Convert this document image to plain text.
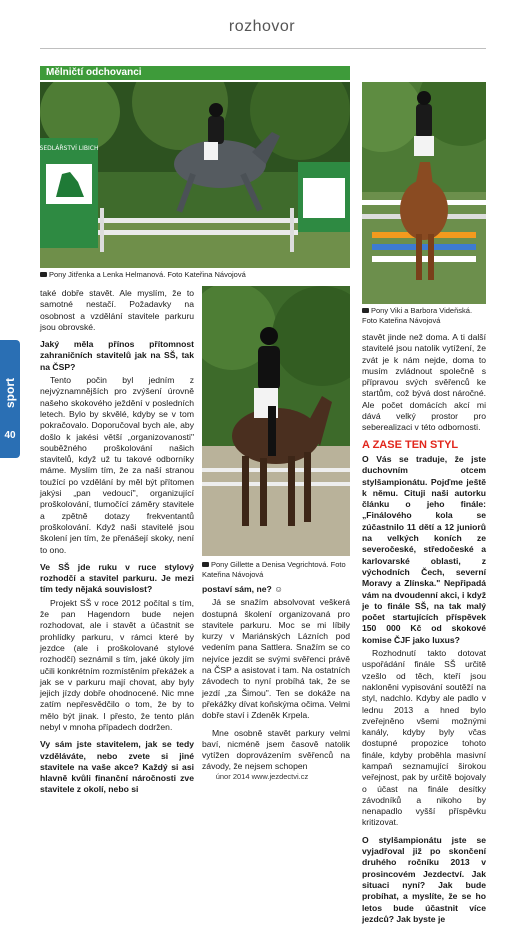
rozhovor
Mělničtí odchovanci
SEDLÁŘSTVÍ LIBICH
Pony Jitřenka a Lenka Helmanová. Foto Kateřina Návojová
Pony Viki a Barbora Videňská. Foto Kateřina Návojová
Pony Gillette a Denisa Vegrichtová. Foto Kateřina Návojová
sport
40

také dobře stavět. Ale myslím, že to samotné nestačí. Požadavky na osobnost a vzdělání stavitele parkuru jsou obrovské.

Jaký měla přínos přítomnost zahraničních stavitelů jak na SŠ, tak na ČSP?

Tento počin byl jedním z nejvýznamnějších pro zvýšení úrovně našeho skokového ježdění v posledních letech. Bylo by skvělé, kdyby se v tom pokračovalo. Doporučoval bych ale, aby došlo k jakési větší „organizovanosti" souběžného proškolování našich stavitelů, když už tu takové odborníky máme. Myslím tím, že za naší stranou toužící po vzdělání by měl být přítomen jakýsi „pan vedoucí", organizující proškolování, tlumočící záměry stavitele a zpětně dotazy frekventantů proškolování. Když naši stavitelé jsou školení jen tím, že přenášejí skoky, není to ono.

Ve SŠ jde ruku v ruce stylový rozhodčí a stavitel parkuru. Je mezi tím tedy nějaká souvislost?

Projekt SŠ v roce 2012 počítal s tím, že pan Hagendorn bude nejen rozhodovat, ale i stavět a účastnit se prohlídky parkuru, v rámci které by jezdce (ale i proškolované stylové rozhodčí) seznámil s tím, jaké úkoly jím učili konkrétním rozmístěním překážek a jak se v parkuru mají chovat, aby byly jejich jízdy dobře ohodnocené. Nic mne zatím nepřesvědčilo o tom, že by to mělo být jinak. I přesto, že tento plán nebyl v mnoha případech dodržen.

Vy sám jste stavitelem, jak se tedy vzděláváte, nebo zvete si jiné stavitele na vaše akce? Každý si asi hlavně kvůli finanční náročnosti zve stavitele z okolí, nebo si

postaví sám, ne? ☺

Já se snažím absolvovat veškerá dostupná školení organizovaná pro stavitele parkuru. Moc se mi líbily kurzy v Mariánských Lázních pod vedením pana Sattlera. Snažím se co nejvíce jezdit se svými svěřenci právě na ČSP a asistovat i tam. Na ostatních závodech to nyní probíhá tak, že se jezdí „za Šimou". Ten se dokáže na překážky dívat koňskýma očima. Velmi dobře staví i Zdeněk Krpela.

Mne osobně stavět parkury velmi baví, nicméně jsem časově natolik vytížen doprovázením svěřenců na závody, že nejsem schopen

stavět jinde než doma. A ti další stavitelé jsou natolik vytížení, že zvát je k nám nejde, doma to musím zvládnout společně s přípravou svých svěřenců ke startům, což bývá dost náročné. Ale počet domácích akcí mi dává velký prostor pro seberealizaci v této odbornosti.

A ZASE TEN STYL

O Vás se traduje, že jste duchovním otcem stylšampionátu. Pojďme ještě k němu. Cituji naši autorku článku o jeho finále: „Finálového kola se zúčastnilo 11 dětí a 12 juniorů na velkých koních ze severočeské, středočeské a karlovarské oblasti, z východních Čech, severní Moravy a Zlínska." Nepřipadá vám na dvoudenní akci, i když je to finále SŠ, na tak malý počet startujících příspěvek 150 000 Kč od skokové komise ČJF jako luxus?

Rozhodnutí takto dotovat uspořádání finále SŠ určitě vzešlo od těch, kteří jsou nakloněni vypisování soutěží na styl, nadchlo. Kdyby ale padlo v lednu 2013 a hned bylo zveřejněno všemi možnými kanály, kdyby byly včas dostupné propozice tohoto finále, kdyby proběhla masivní kampaň seznamující širokou veřejnost, pak by určitě bojovaly o účast na finále desítky závodníků a nikoho by nenapadlo vyšší příspěvku kritizovat.

O stylšampionátu jste se vyjadřoval již po skončení druhého ročníku 2013 v prosincovém Jezdectví. Jak situaci nyní? Jak bude probíhat, a myslíte, že se ho letos bude účastnit více jezdců? Jak byste je

únor 2014 www.jezdectvi.cz
